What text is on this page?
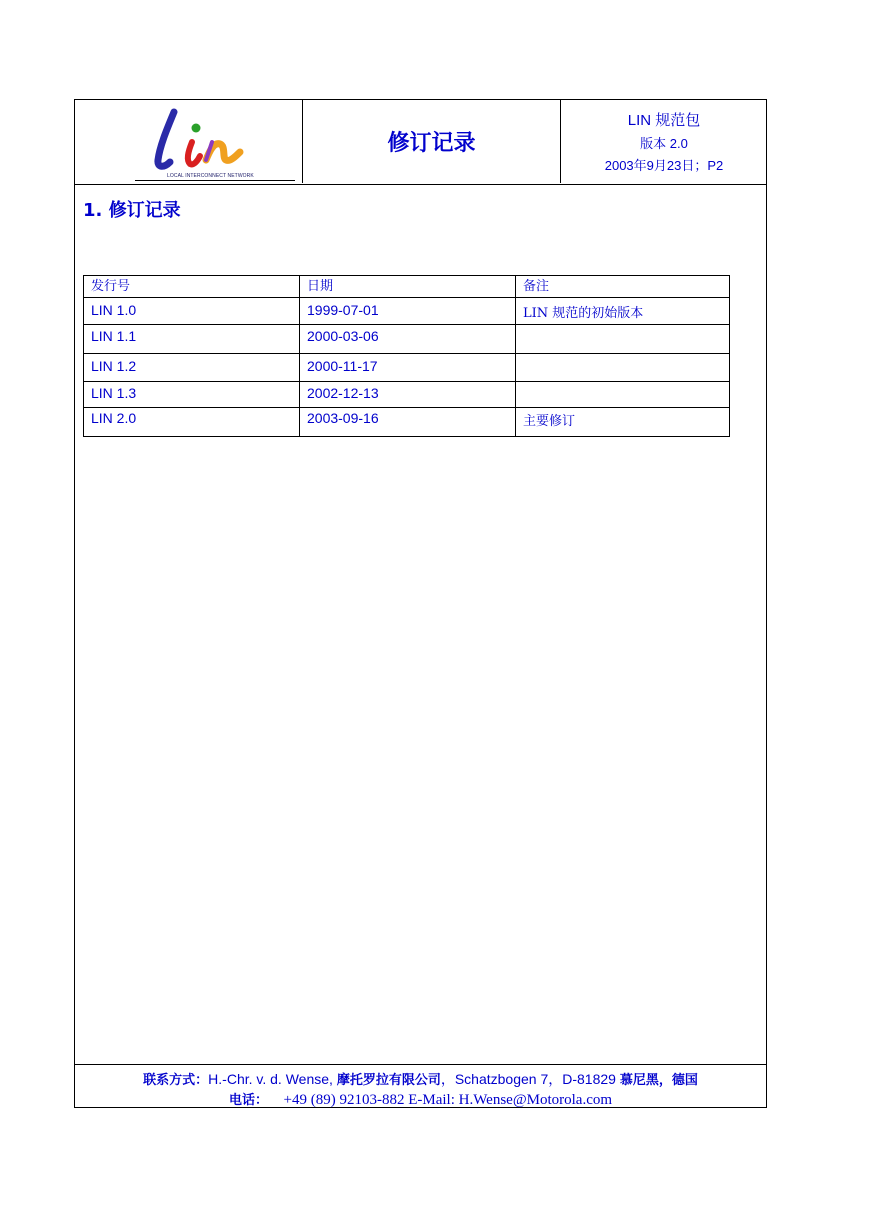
LOCAL INTERCONNECT NETWORK
修订记录
LIN 规范包
版本 2.0
2003年9月23日；P2
1. 修订记录
发行号	日期	备注
LIN 1.0	1999-07-01	LIN 规范的初始版本
LIN 1.1	2000-03-06	
LIN 1.2	2000-11-17	
LIN 1.3	2002-12-13	
LIN 2.0	2003-09-16	主要修订
联系方式：H.-Chr. v. d. Wense, 摩托罗拉有限公司，Schatzbogen 7，D-81829 慕尼黑，德国
电话： +49 (89) 92103-882 E-Mail: H.Wense@Motorola.com
